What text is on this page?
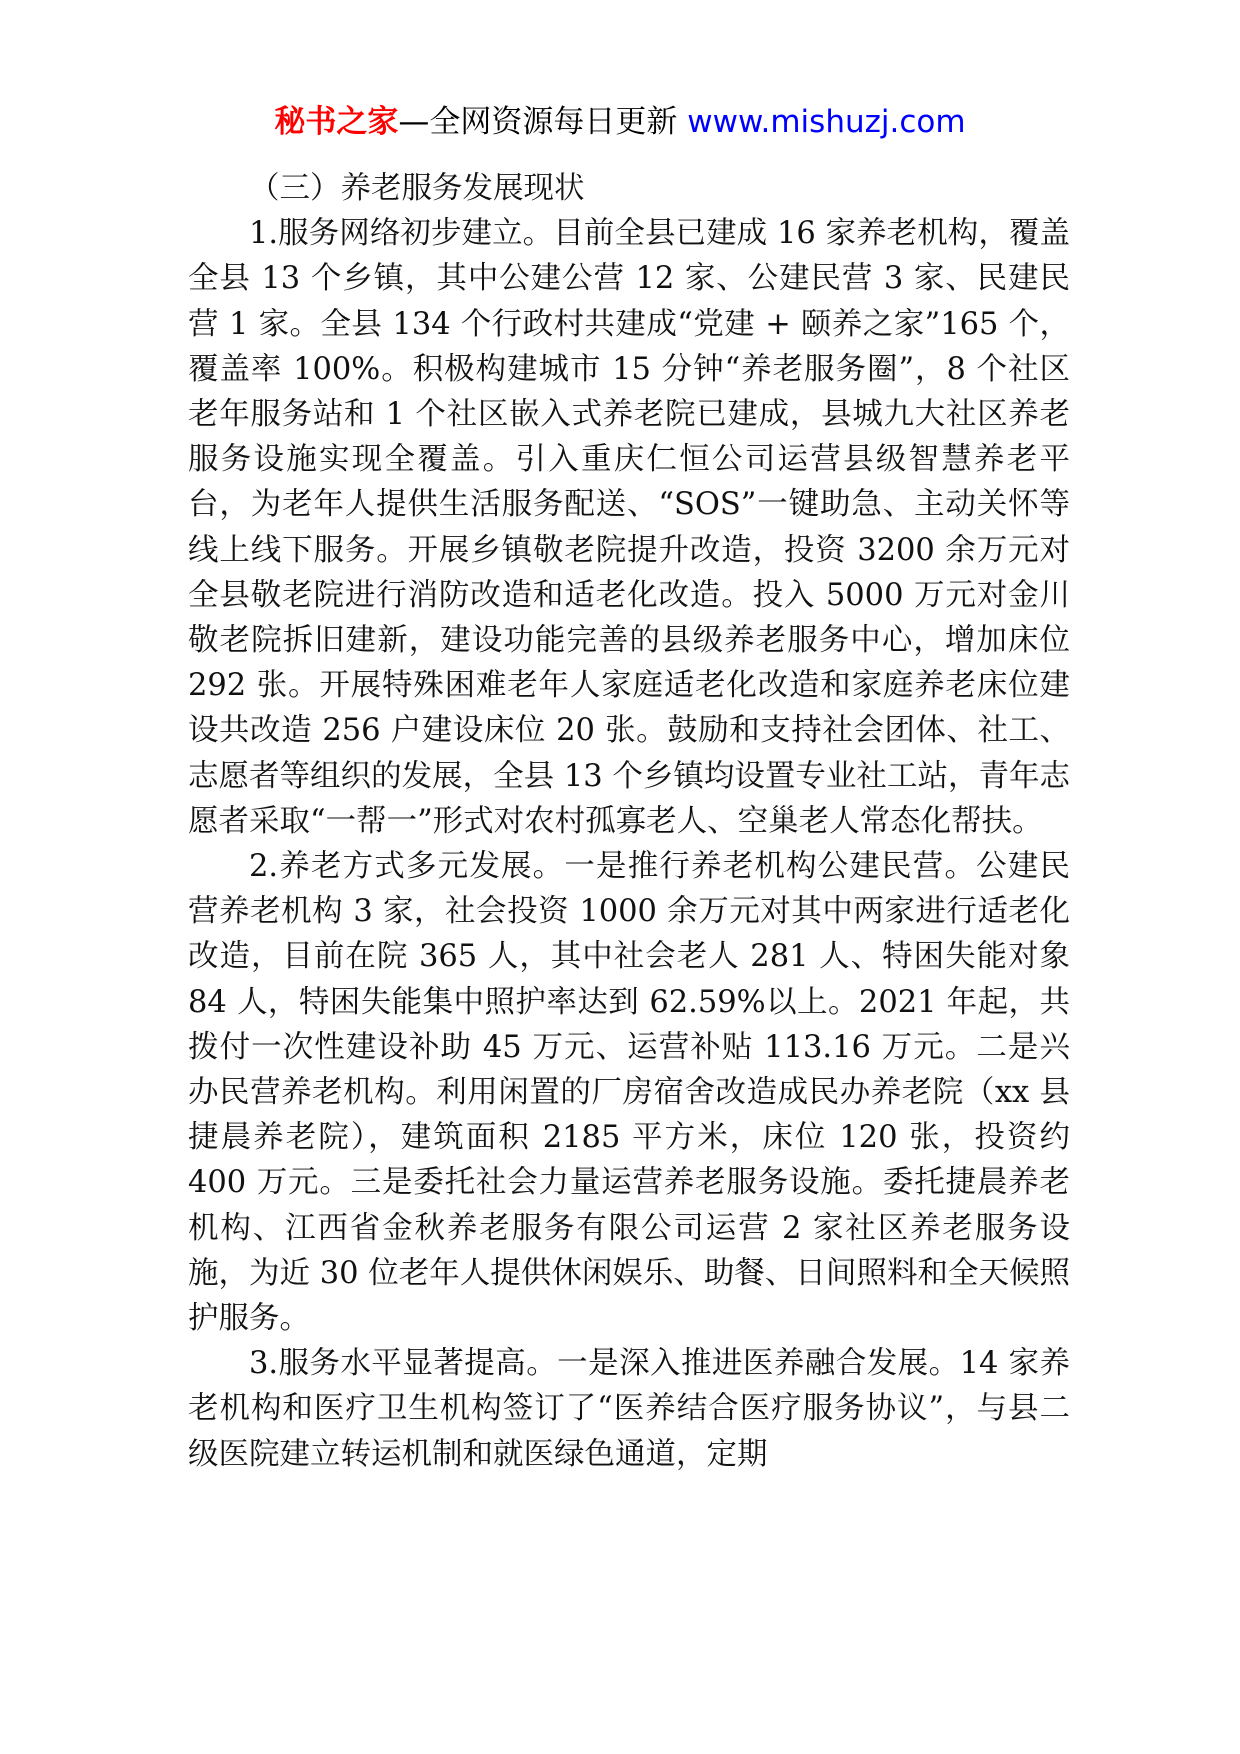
秘书之家—全网资源每日更新 www.mishuzj.com

（三）养老服务发展现状

1.服务网络初步建立。目前全县已建成 16 家养老机构，覆盖全县 13 个乡镇，其中公建公营 12 家、公建民营 3 家、民建民营 1 家。全县 134 个行政村共建成“党建 + 颐养之家”165 个，覆盖率 100%。积极构建城市 15 分钟“养老服务圈”，8 个社区老年服务站和 1 个社区嵌入式养老院已建成，县城九大社区养老服务设施实现全覆盖。引入重庆仁恒公司运营县级智慧养老平台，为老年人提供生活服务配送、“SOS”一键助急、主动关怀等线上线下服务。开展乡镇敬老院提升改造，投资 3200 余万元对全县敬老院进行消防改造和适老化改造。投入 5000 万元对金川敬老院拆旧建新，建设功能完善的县级养老服务中心，增加床位 292 张。开展特殊困难老年人家庭适老化改造和家庭养老床位建设共改造 256 户建设床位 20 张。鼓励和支持社会团体、社工、志愿者等组织的发展，全县 13 个乡镇均设置专业社工站，青年志愿者采取“一帮一”形式对农村孤寡老人、空巢老人常态化帮扶。

2.养老方式多元发展。一是推行养老机构公建民营。公建民营养老机构 3 家，社会投资 1000 余万元对其中两家进行适老化改造，目前在院 365 人，其中社会老人 281 人、特困失能对象 84 人，特困失能集中照护率达到 62.59%以上。2021 年起，共拨付一次性建设补助 45 万元、运营补贴 113.16 万元。二是兴办民营养老机构。利用闲置的厂房宿舍改造成民办养老院（xx 县捷晨养老院），建筑面积 2185 平方米，床位 120 张，投资约 400 万元。三是委托社会力量运营养老服务设施。委托捷晨养老机构、江西省金秋养老服务有限公司运营 2 家社区养老服务设施，为近 30 位老年人提供休闲娱乐、助餐、日间照料和全天候照护服务。

3.服务水平显著提高。一是深入推进医养融合发展。14 家养老机构和医疗卫生机构签订了“医养结合医疗服务协议”，与县二级医院建立转运机制和就医绿色通道，定期
